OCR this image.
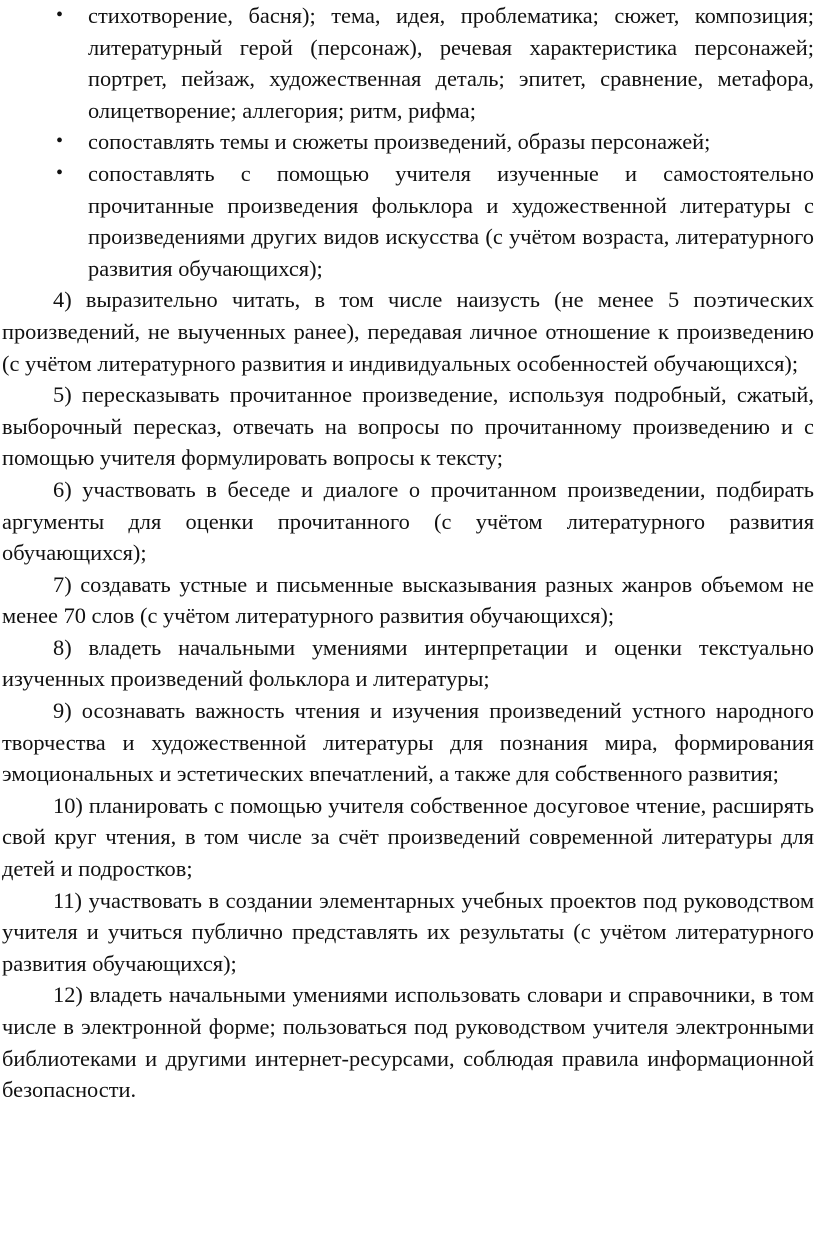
• стихотворение, басня); тема, идея, проблематика; сюжет, композиция; литературный герой (персонаж), речевая характеристика персонажей; портрет, пейзаж, художественная деталь; эпитет, сравнение, метафора, олицетворение; аллегория; ритм, рифма;
• сопоставлять темы и сюжеты произведений, образы персонажей;
• сопоставлять с помощью учителя изученные и самостоятельно прочитанные произведения фольклора и художественной литературы с произведениями других видов искусства (с учётом возраста, литературного развития обучающихся);

4) выразительно читать, в том числе наизусть (не менее 5 поэтических произведений, не выученных ранее), передавая личное отношение к произведению (с учётом литературного развития и индивидуальных особенностей обучающихся);

5) пересказывать прочитанное произведение, используя подробный, сжатый, выборочный пересказ, отвечать на вопросы по прочитанному произведению и с помощью учителя формулировать вопросы к тексту;

6) участвовать в беседе и диалоге о прочитанном произведении, подбирать аргументы для оценки прочитанного (с учётом литературного развития обучающихся);

7) создавать устные и письменные высказывания разных жанров объемом не менее 70 слов (с учётом литературного развития обучающихся);

8) владеть начальными умениями интерпретации и оценки текстуально изученных произведений фольклора и литературы;

9) осознавать важность чтения и изучения произведений устного народного творчества и художественной литературы для познания мира, формирования эмоциональных и эстетических впечатлений, а также для собственного развития;

10) планировать с помощью учителя собственное досуговое чтение, расширять свой круг чтения, в том числе за счёт произведений современной литературы для детей и подростков;

11) участвовать в создании элементарных учебных проектов под руководством учителя и учиться публично представлять их результаты (с учётом литературного развития обучающихся);

12) владеть начальными умениями использовать словари и справочники, в том числе в электронной форме; пользоваться под руководством учителя электронными библиотеками и другими интернет-ресурсами, соблюдая правила информационной безопасности.
